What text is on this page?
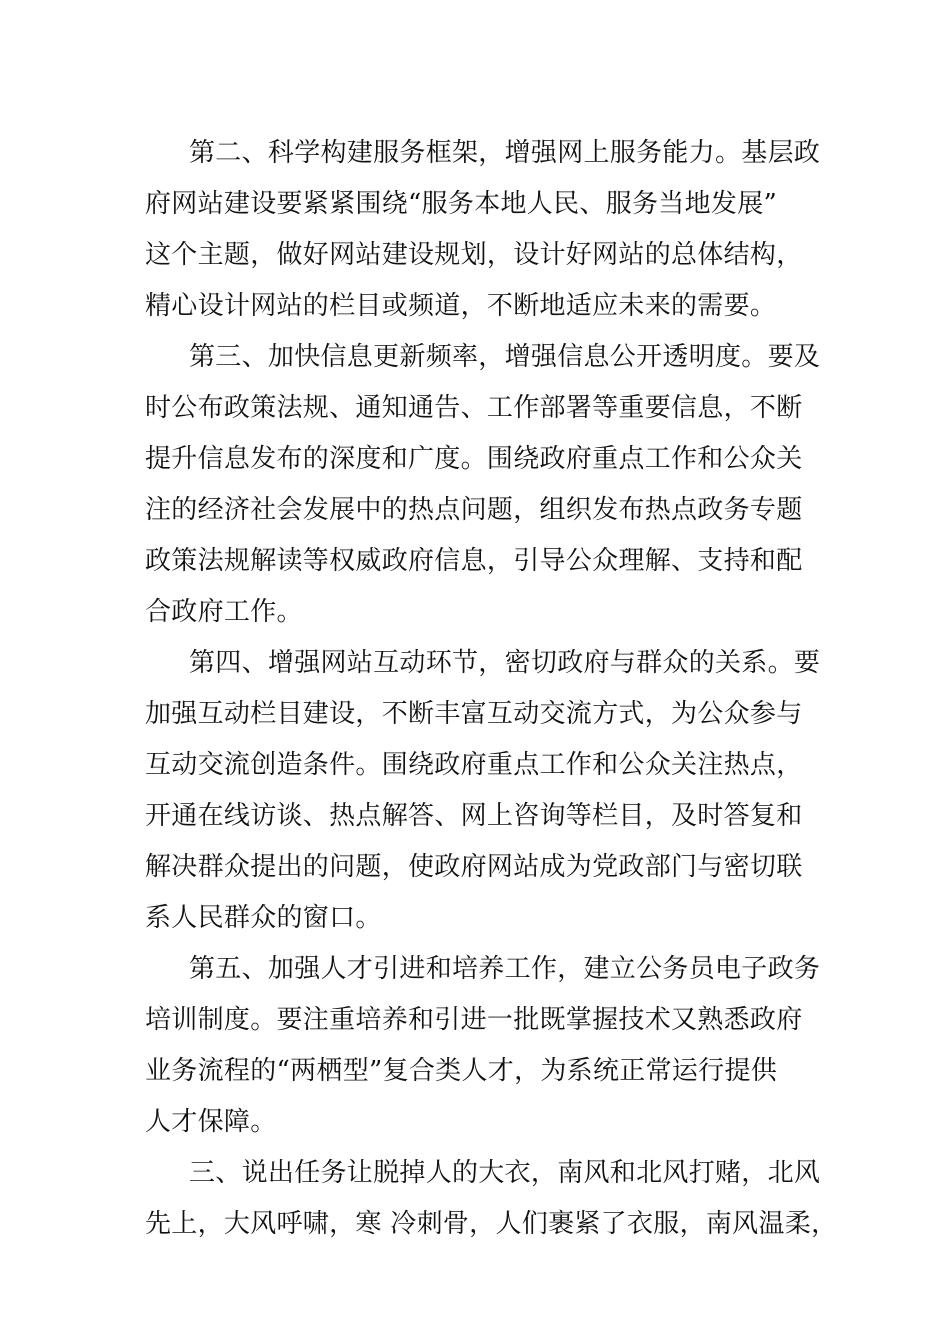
第二、科学构建服务框架，增强网上服务能力。基层政
府网站建设要紧紧围绕“服务本地人民、服务当地发展”
这个主题，做好网站建设规划，设计好网站的总体结构，
精心设计网站的栏目或频道，不断地适应未来的需要。
第三、加快信息更新频率，增强信息公开透明度。要及
时公布政策法规、通知通告、工作部署等重要信息，不断
提升信息发布的深度和广度。围绕政府重点工作和公众关
注的经济社会发展中的热点问题，组织发布热点政务专题
政策法规解读等权威政府信息，引导公众理解、支持和配
合政府工作。
第四、增强网站互动环节，密切政府与群众的关系。要
加强互动栏目建设，不断丰富互动交流方式，为公众参与
互动交流创造条件。围绕政府重点工作和公众关注热点，
开通在线访谈、热点解答、网上咨询等栏目，及时答复和
解决群众提出的问题，使政府网站成为党政部门与密切联
系人民群众的窗口。
第五、加强人才引进和培养工作，建立公务员电子政务
培训制度。要注重培养和引进一批既掌握技术又熟悉政府
业务流程的“两栖型”复合类人才，为系统正常运行提供
人才保障。
三、说出任务让脱掉人的大衣，南风和北风打赌，北风
先上，大风呼啸，寒 冷刺骨，人们裹紧了衣服，南风温柔，
